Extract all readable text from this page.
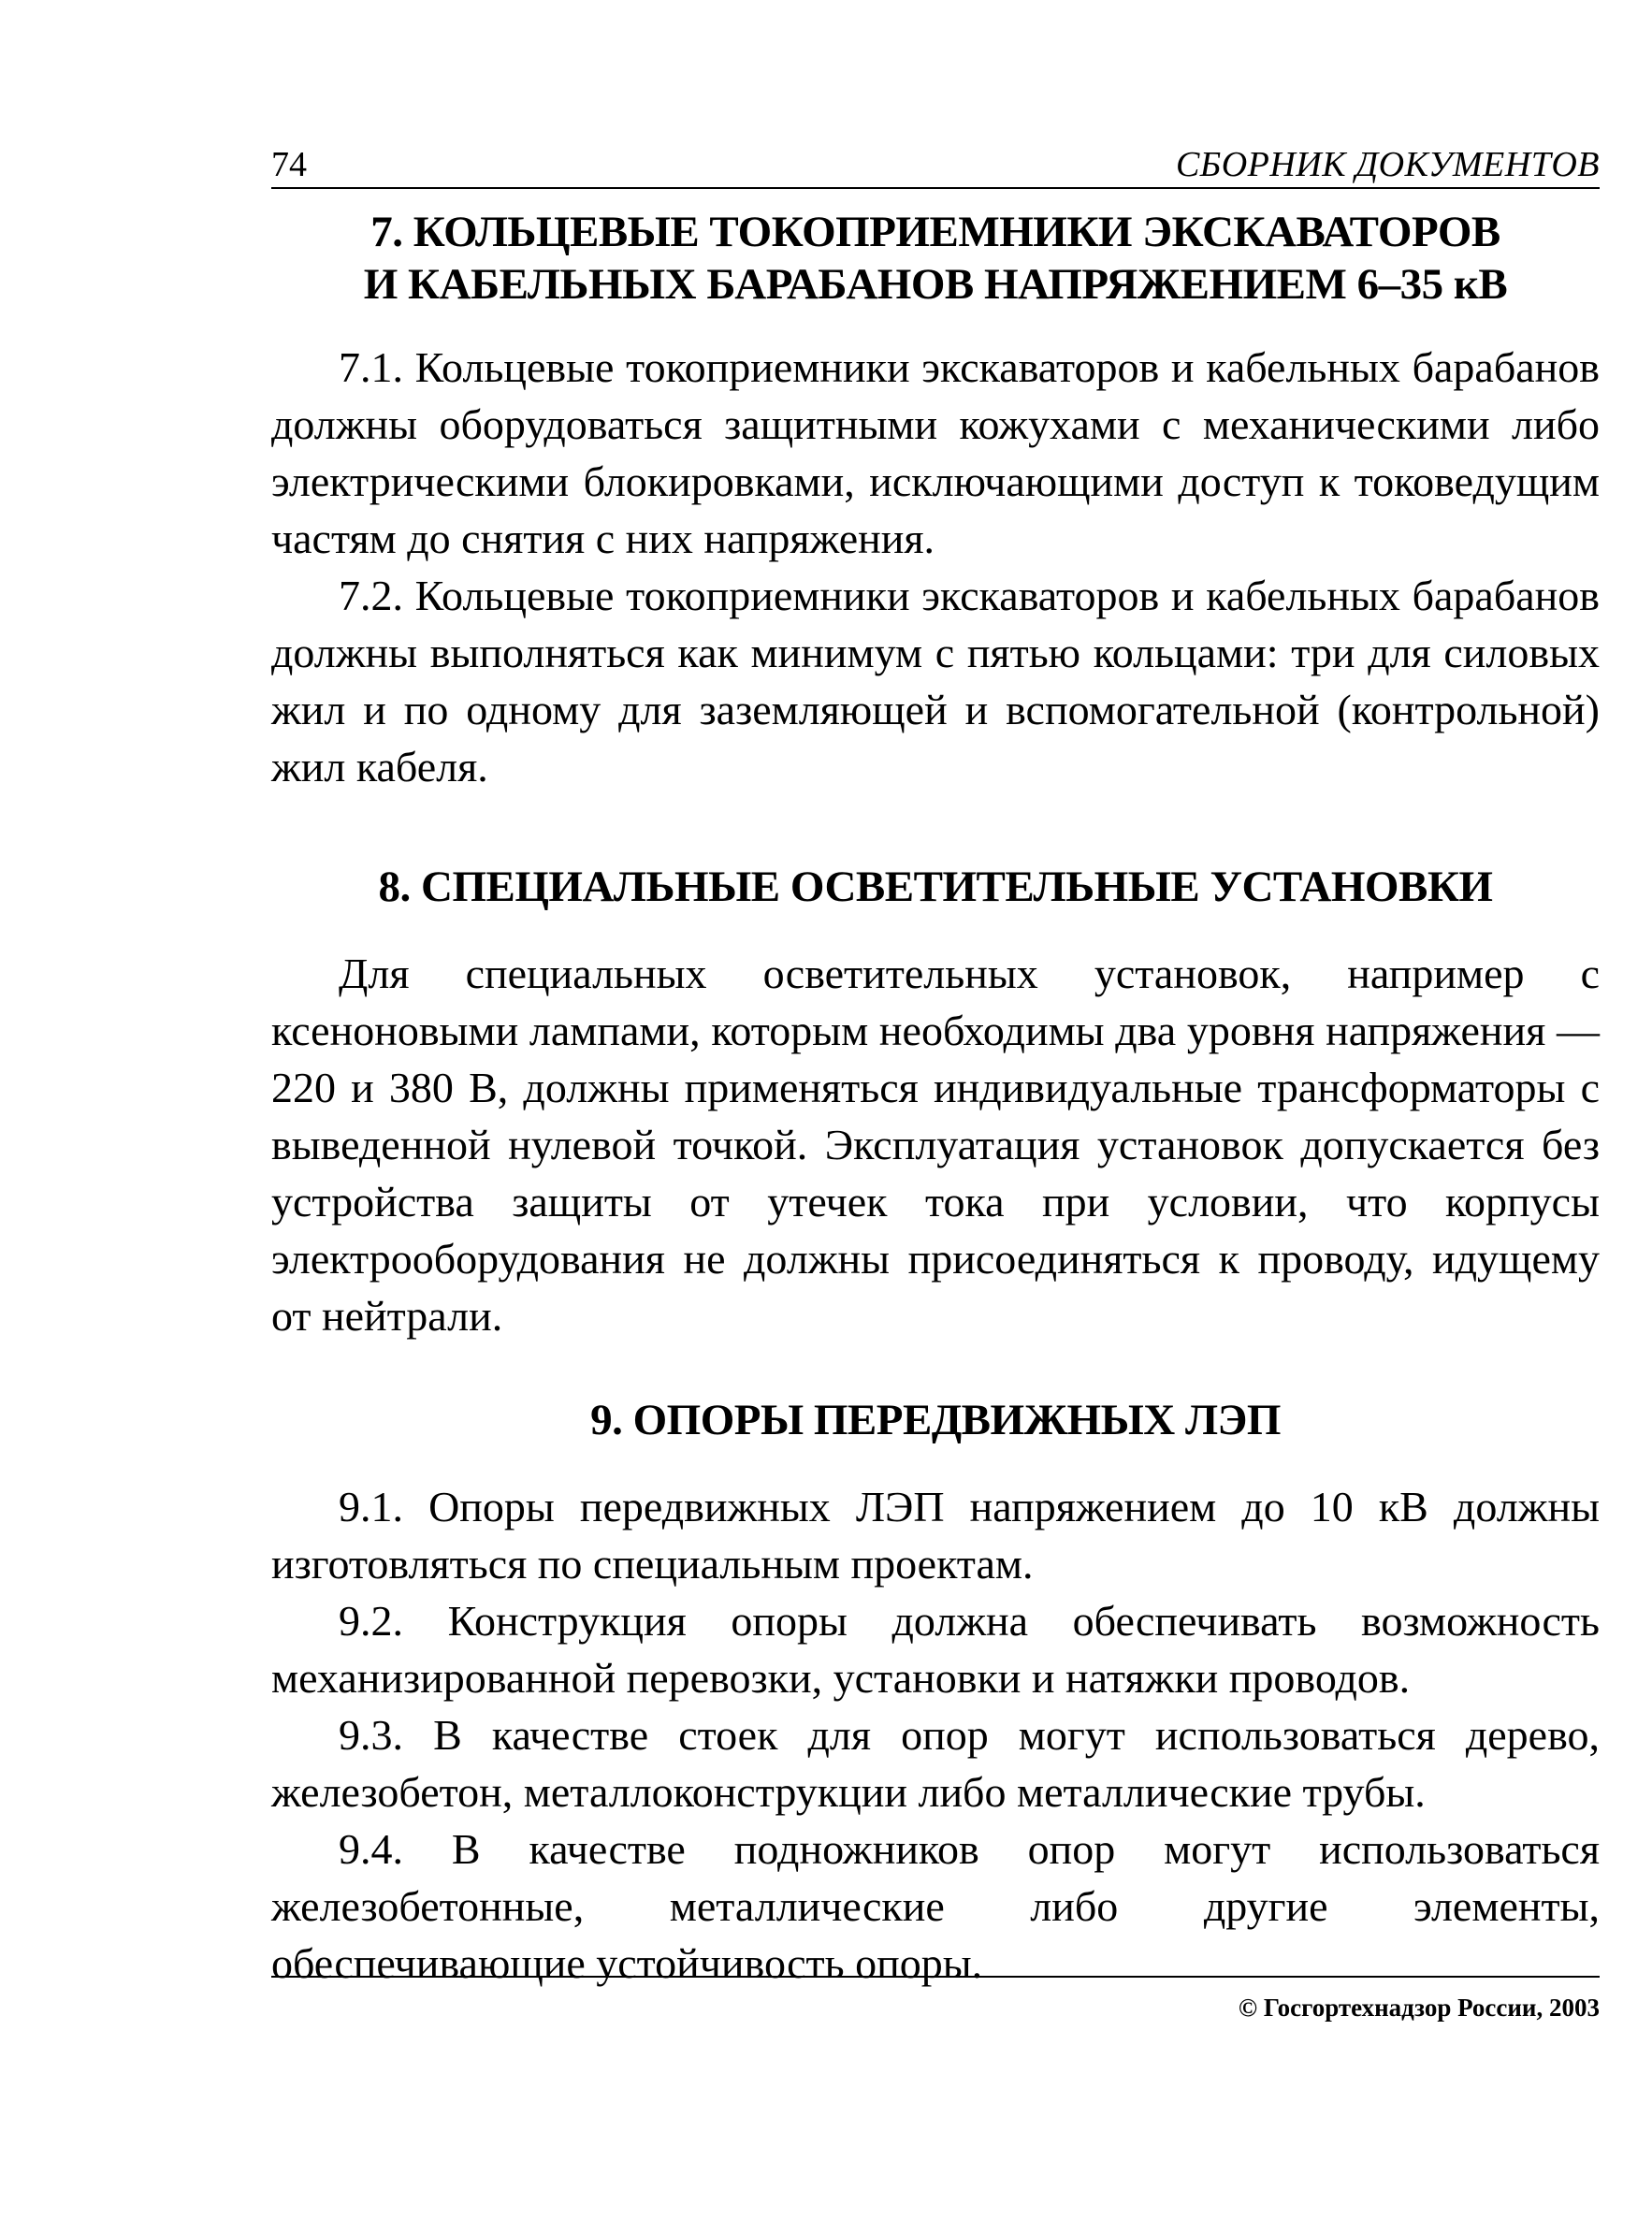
74	СБОРНИК ДОКУМЕНТОВ
7. КОЛЬЦЕВЫЕ ТОКОПРИЕМНИКИ ЭКСКАВАТОРОВ
И КАБЕЛЬНЫХ БАРАБАНОВ НАПРЯЖЕНИЕМ 6–35 кВ

7.1. Кольцевые токоприемники экскаваторов и кабельных барабанов должны оборудоваться защитными кожухами с механическими либо электрическими блокировками, исключающими доступ к токоведущим частям до снятия с них напряжения.

7.2. Кольцевые токоприемники экскаваторов и кабельных барабанов должны выполняться как минимум с пятью кольцами: три для силовых жил и по одному для заземляющей и вспомогательной (контрольной) жил кабеля.

8. СПЕЦИАЛЬНЫЕ ОСВЕТИТЕЛЬНЫЕ УСТАНОВКИ

Для специальных осветительных установок, например с ксеноновыми лампами, которым необходимы два уровня напряжения — 220 и 380 В, должны применяться индивидуальные трансформаторы с выведенной нулевой точкой. Эксплуатация установок допускается без устройства защиты от утечек тока при условии, что корпусы электрооборудования не должны присоединяться к проводу, идущему от нейтрали.

9. ОПОРЫ ПЕРЕДВИЖНЫХ ЛЭП

9.1. Опоры передвижных ЛЭП напряжением до 10 кВ должны изготовляться по специальным проектам.

9.2. Конструкция опоры должна обеспечивать возможность механизированной перевозки, установки и натяжки проводов.

9.3. В качестве стоек для опор могут использоваться дерево, железобетон, металлоконструкции либо металлические трубы.

9.4. В качестве подножников опор могут использоваться железобетонные, металлические либо другие элементы, обеспечивающие устойчивость опоры.

© Госгортехнадзор России, 2003
